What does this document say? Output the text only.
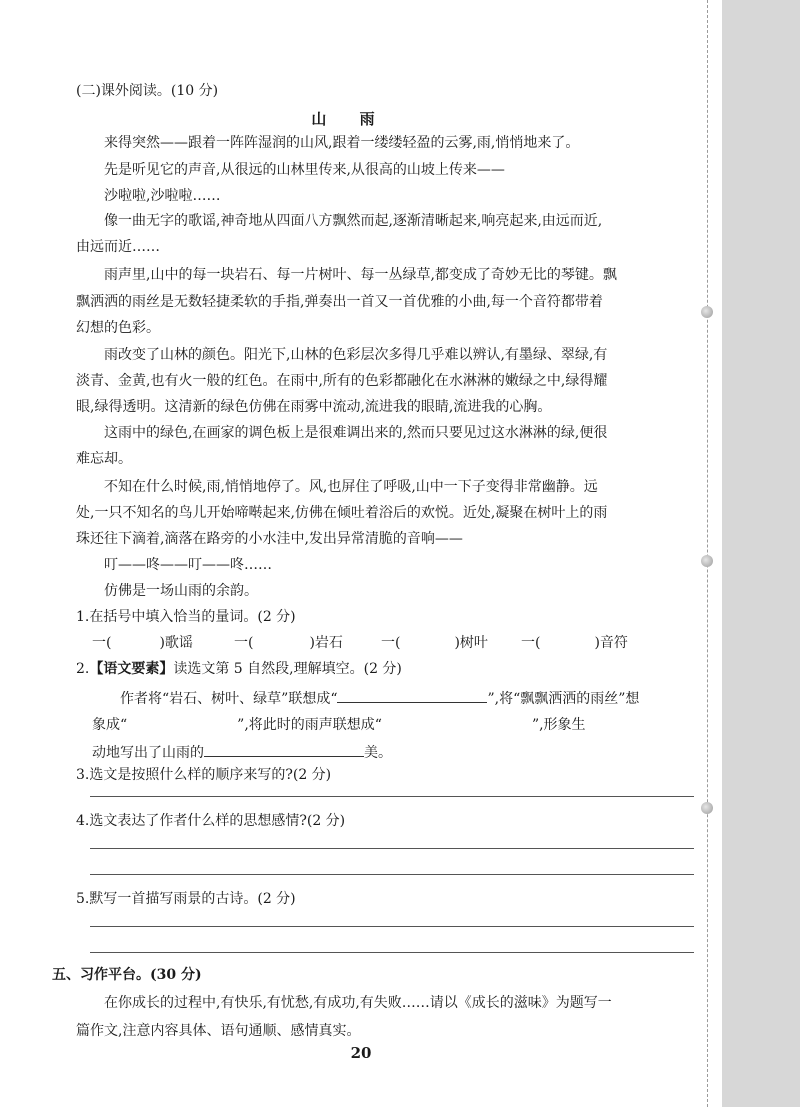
(二)课外阅读。(10 分)
山 雨
来得突然——跟着一阵阵湿润的山风,跟着一缕缕轻盈的云雾,雨,悄悄地来了。
先是听见它的声音,从很远的山林里传来,从很高的山坡上传来——
沙啦啦,沙啦啦……
像一曲无字的歌谣,神奇地从四面八方飘然而起,逐渐清晰起来,响亮起来,由远而近,
由远而近……
雨声里,山中的每一块岩石、每一片树叶、每一丛绿草,都变成了奇妙无比的琴键。飘
飘洒洒的雨丝是无数轻捷柔软的手指,弹奏出一首又一首优雅的小曲,每一个音符都带着
幻想的色彩。
雨改变了山林的颜色。阳光下,山林的色彩层次多得几乎难以辨认,有墨绿、翠绿,有
淡青、金黄,也有火一般的红色。在雨中,所有的色彩都融化在水淋淋的嫩绿之中,绿得耀
眼,绿得透明。这清新的绿色仿佛在雨雾中流动,流进我的眼睛,流进我的心胸。
这雨中的绿色,在画家的调色板上是很难调出来的,然而只要见过这水淋淋的绿,便很
难忘却。
不知在什么时候,雨,悄悄地停了。风,也屏住了呼吸,山中一下子变得非常幽静。远
处,一只不知名的鸟儿开始啼啭起来,仿佛在倾吐着浴后的欢悦。近处,凝聚在树叶上的雨
珠还往下滴着,滴落在路旁的小水洼中,发出异常清脆的音响——
叮——咚——叮——咚……
仿佛是一场山雨的余韵。
1.在括号中填入恰当的量词。(2 分)
一(	)歌谣	一(	)岩石	一(	)树叶 一(	)音符
2.【语文要素】读选文第 5 自然段,理解填空。(2 分)
作者将“岩石、树叶、绿草”联想成“	”,将“飘飘洒洒的雨丝”想
象成“	”,将此时的雨声联想成“	”,形象生
动地写出了山雨的	美。
3.选文是按照什么样的顺序来写的?(2 分)
4.选文表达了作者什么样的思想感情?(2 分)
5.默写一首描写雨景的古诗。(2 分)
五、习作平台。(30 分)
在你成长的过程中,有快乐,有忧愁,有成功,有失败……请以《成长的滋味》为题写一
篇作文,注意内容具体、语句通顺、感情真实。
20
